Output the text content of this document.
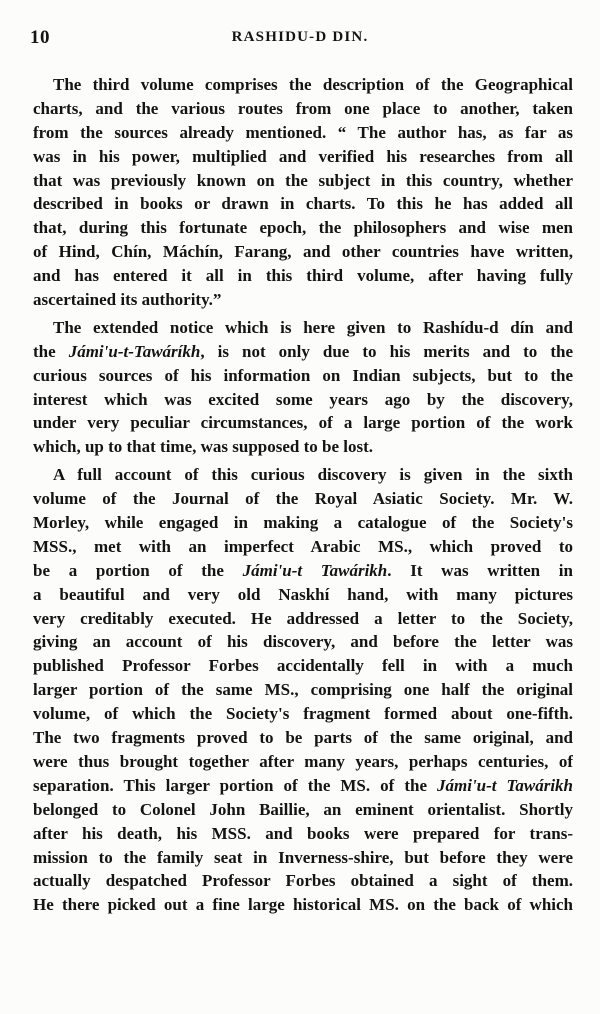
10	RASHIDU-D DIN.
The third volume comprises the description of the Geographical
charts, and the various routes from one place to another, taken
from the sources already mentioned. “ The author has, as far as
was in his power, multiplied and verified his researches from all
that was previously known on the subject in this country, whether
described in books or drawn in charts. To this he has added all
that, during this fortunate epoch, the philosophers and wise men
of Hind, Chín, Máchín, Farang, and other countries have written,
and has entered it all in this third volume, after having fully
ascertained its authority.”
The extended notice which is here given to Rashídu-d dín and
the Jámi'u-t-Tawáríkh, is not only due to his merits and to the
curious sources of his information on Indian subjects, but to the
interest which was excited some years ago by the discovery,
under very peculiar circumstances, of a large portion of the work
which, up to that time, was supposed to be lost.
A full account of this curious discovery is given in the sixth
volume of the Journal of the Royal Asiatic Society. Mr. W.
Morley, while engaged in making a catalogue of the Society's
MSS., met with an imperfect Arabic MS., which proved to
be a portion of the Jámi'u-t Tawárikh. It was written in
a beautiful and very old Naskhí hand, with many pictures
very creditably executed. He addressed a letter to the Society,
giving an account of his discovery, and before the letter was
published Professor Forbes accidentally fell in with a much
larger portion of the same MS., comprising one half the original
volume, of which the Society's fragment formed about one-fifth.
The two fragments proved to be parts of the same original, and
were thus brought together after many years, perhaps centuries, of
separation. This larger portion of the MS. of the Jámi'u-t Tawárikh
belonged to Colonel John Baillie, an eminent orientalist. Shortly
after his death, his MSS. and books were prepared for trans-
mission to the family seat in Inverness-shire, but before they were
actually despatched Professor Forbes obtained a sight of them.
He there picked out a fine large historical MS. on the back of which
